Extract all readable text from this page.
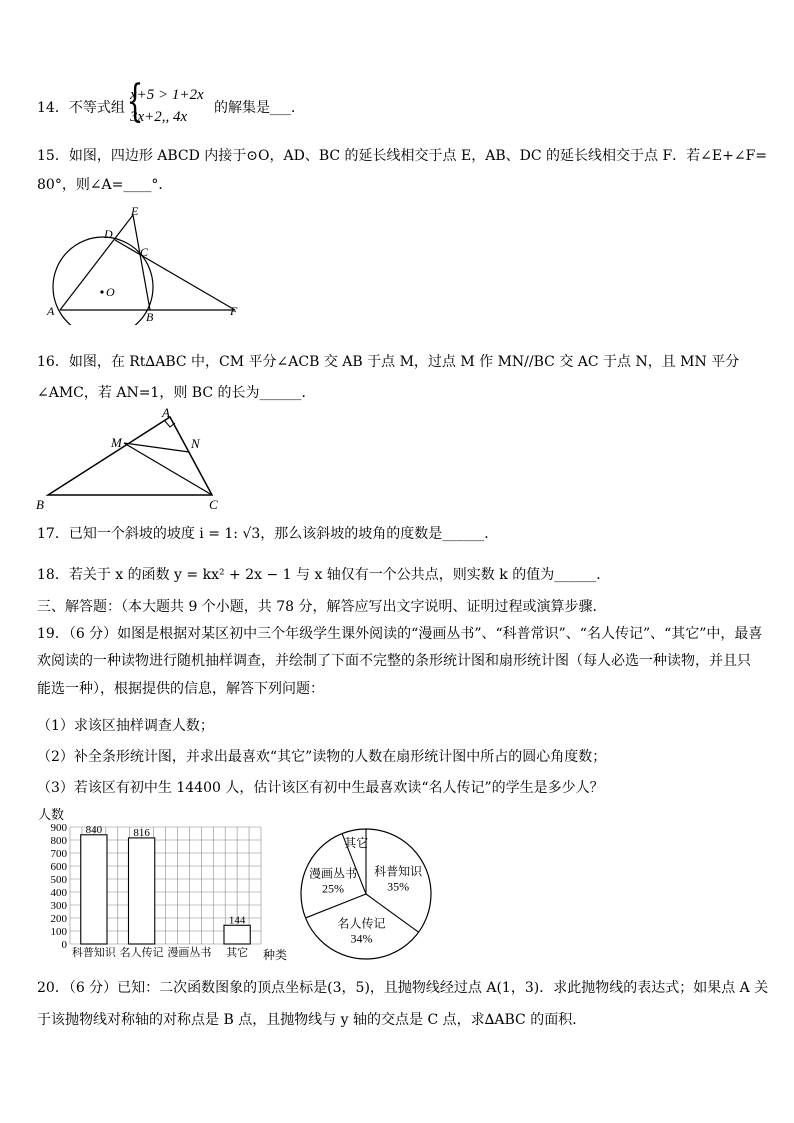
14．不等式组 {
x+5 > 1+2x
3x+2,, 4x
的解集是___．
15．如图，四边形 ABCD 内接于⊙O，AD、BC 的延长线相交于点 E，AB、DC 的延长线相交于点 F．若∠E+∠F=
80°，则∠A=____°．
E
D
C
O
A	B	F
16．如图，在 Rt∆ABC 中，CM 平分∠ACB 交 AB 于点 M，过点 M 作 MN//BC 交 AC 于点 N，且 MN 平分
∠AMC，若 AN=1，则 BC 的长为______．
A
M	N
B	C
17．已知一个斜坡的坡度 i = 1: √3，那么该斜坡的坡角的度数是______．
18．若关于 x 的函数 y = kx² + 2x − 1 与 x 轴仅有一个公共点，则实数 k 的值为______．
三、解答题：（本大题共 9 个小题，共 78 分，解答应写出文字说明、证明过程或演算步骤．
19．（6 分）如图是根据对某区初中三个年级学生课外阅读的“漫画丛书”、“科普常识”、“名人传记”、“其它”中，最喜
欢阅读的一种读物进行随机抽样调查，并绘制了下面不完整的条形统计图和扇形统计图（每人必选一种读物，并且只
能选一种），根据提供的信息，解答下列问题：
（1）求该区抽样调查人数；
（2）补全条形统计图，并求出最喜欢“其它”读物的人数在扇形统计图中所占的圆心角度数；
（3）若该区有初中生 14400 人，估计该区有初中生最喜欢读“名人传记”的学生是多少人？
0
100
200
300
400
500
600
700
800
900
人数
种类
840
科普知识
816
名人传记 漫画丛书
144
其它
科普知识
35%
名人传记
34%
漫画丛书
25%
其它
20．（6 分）已知：二次函数图象的顶点坐标是(3，5)，且抛物线经过点 A(1，3)．求此抛物线的表达式；如果点 A 关
于该抛物线对称轴的对称点是 B 点，且抛物线与 y 轴的交点是 C 点，求∆ABC 的面积．
